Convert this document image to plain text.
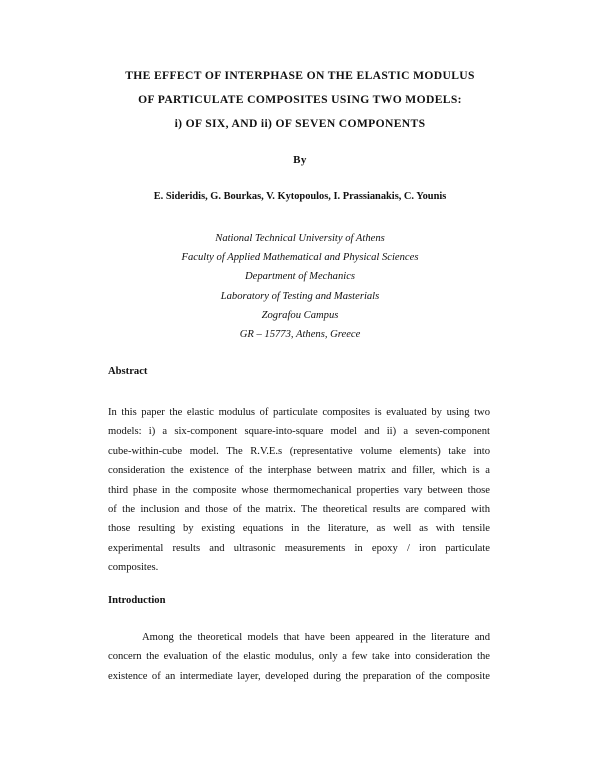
THE EFFECT OF INTERPHASE ON THE ELASTIC MODULUS
OF PARTICULATE COMPOSITES USING TWO MODELS:
i) OF SIX, AND ii) OF SEVEN COMPONENTS
By
E. Sideridis, G. Bourkas, V. Kytopoulos, I. Prassianakis, C. Younis
National Technical University of Athens
Faculty of Applied Mathematical and Physical Sciences
Department of Mechanics
Laboratory of Testing and Masterials
Zografou Campus
GR – 15773, Athens, Greece
Abstract
In this paper the elastic modulus of particulate composites is evaluated by using two
models: i) a six-component square-into-square model and ii) a seven-component
cube-within-cube model. The R.V.E.s (representative volume elements) take into
consideration the existence of the interphase between matrix and filler, which is a
third phase in the composite whose thermomechanical properties vary between those
of the inclusion and those of the matrix. The theoretical results are compared with
those resulting by existing equations in the literature, as well as with tensile
experimental results and ultrasonic measurements in epoxy / iron particulate
composites.
Introduction
Among the theoretical models that have been appeared in the literature and
concern the evaluation of the elastic modulus, only a few take into consideration the
existence of an intermediate layer, developed during the preparation of the composite
